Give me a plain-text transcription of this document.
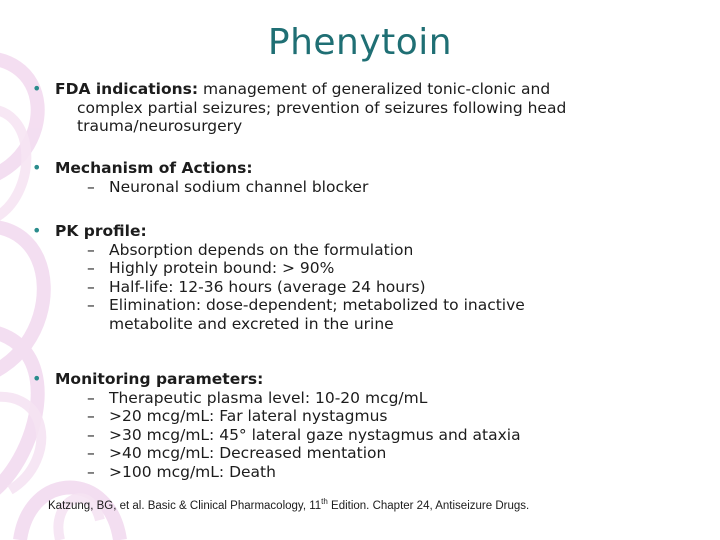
Phenytoin
• FDA indications: management of generalized tonic-clonic and
complex partial seizures; prevention of seizures following head
trauma/neurosurgery
• Mechanism of Actions:
– Neuronal sodium channel blocker
• PK profile:
– Absorption depends on the formulation
– Highly protein bound: > 90%
– Half-life: 12-36 hours (average 24 hours)
– Elimination: dose-dependent; metabolized to inactive
metabolite and excreted in the urine
• Monitoring parameters:
– Therapeutic plasma level: 10-20 mcg/mL
– >20 mcg/mL: Far lateral nystagmus
– >30 mcg/mL: 45° lateral gaze nystagmus and ataxia
– >40 mcg/mL: Decreased mentation
– >100 mcg/mL: Death
Katzung, BG, et al. Basic & Clinical Pharmacology, 11th Edition. Chapter 24, Antiseizure Drugs.
